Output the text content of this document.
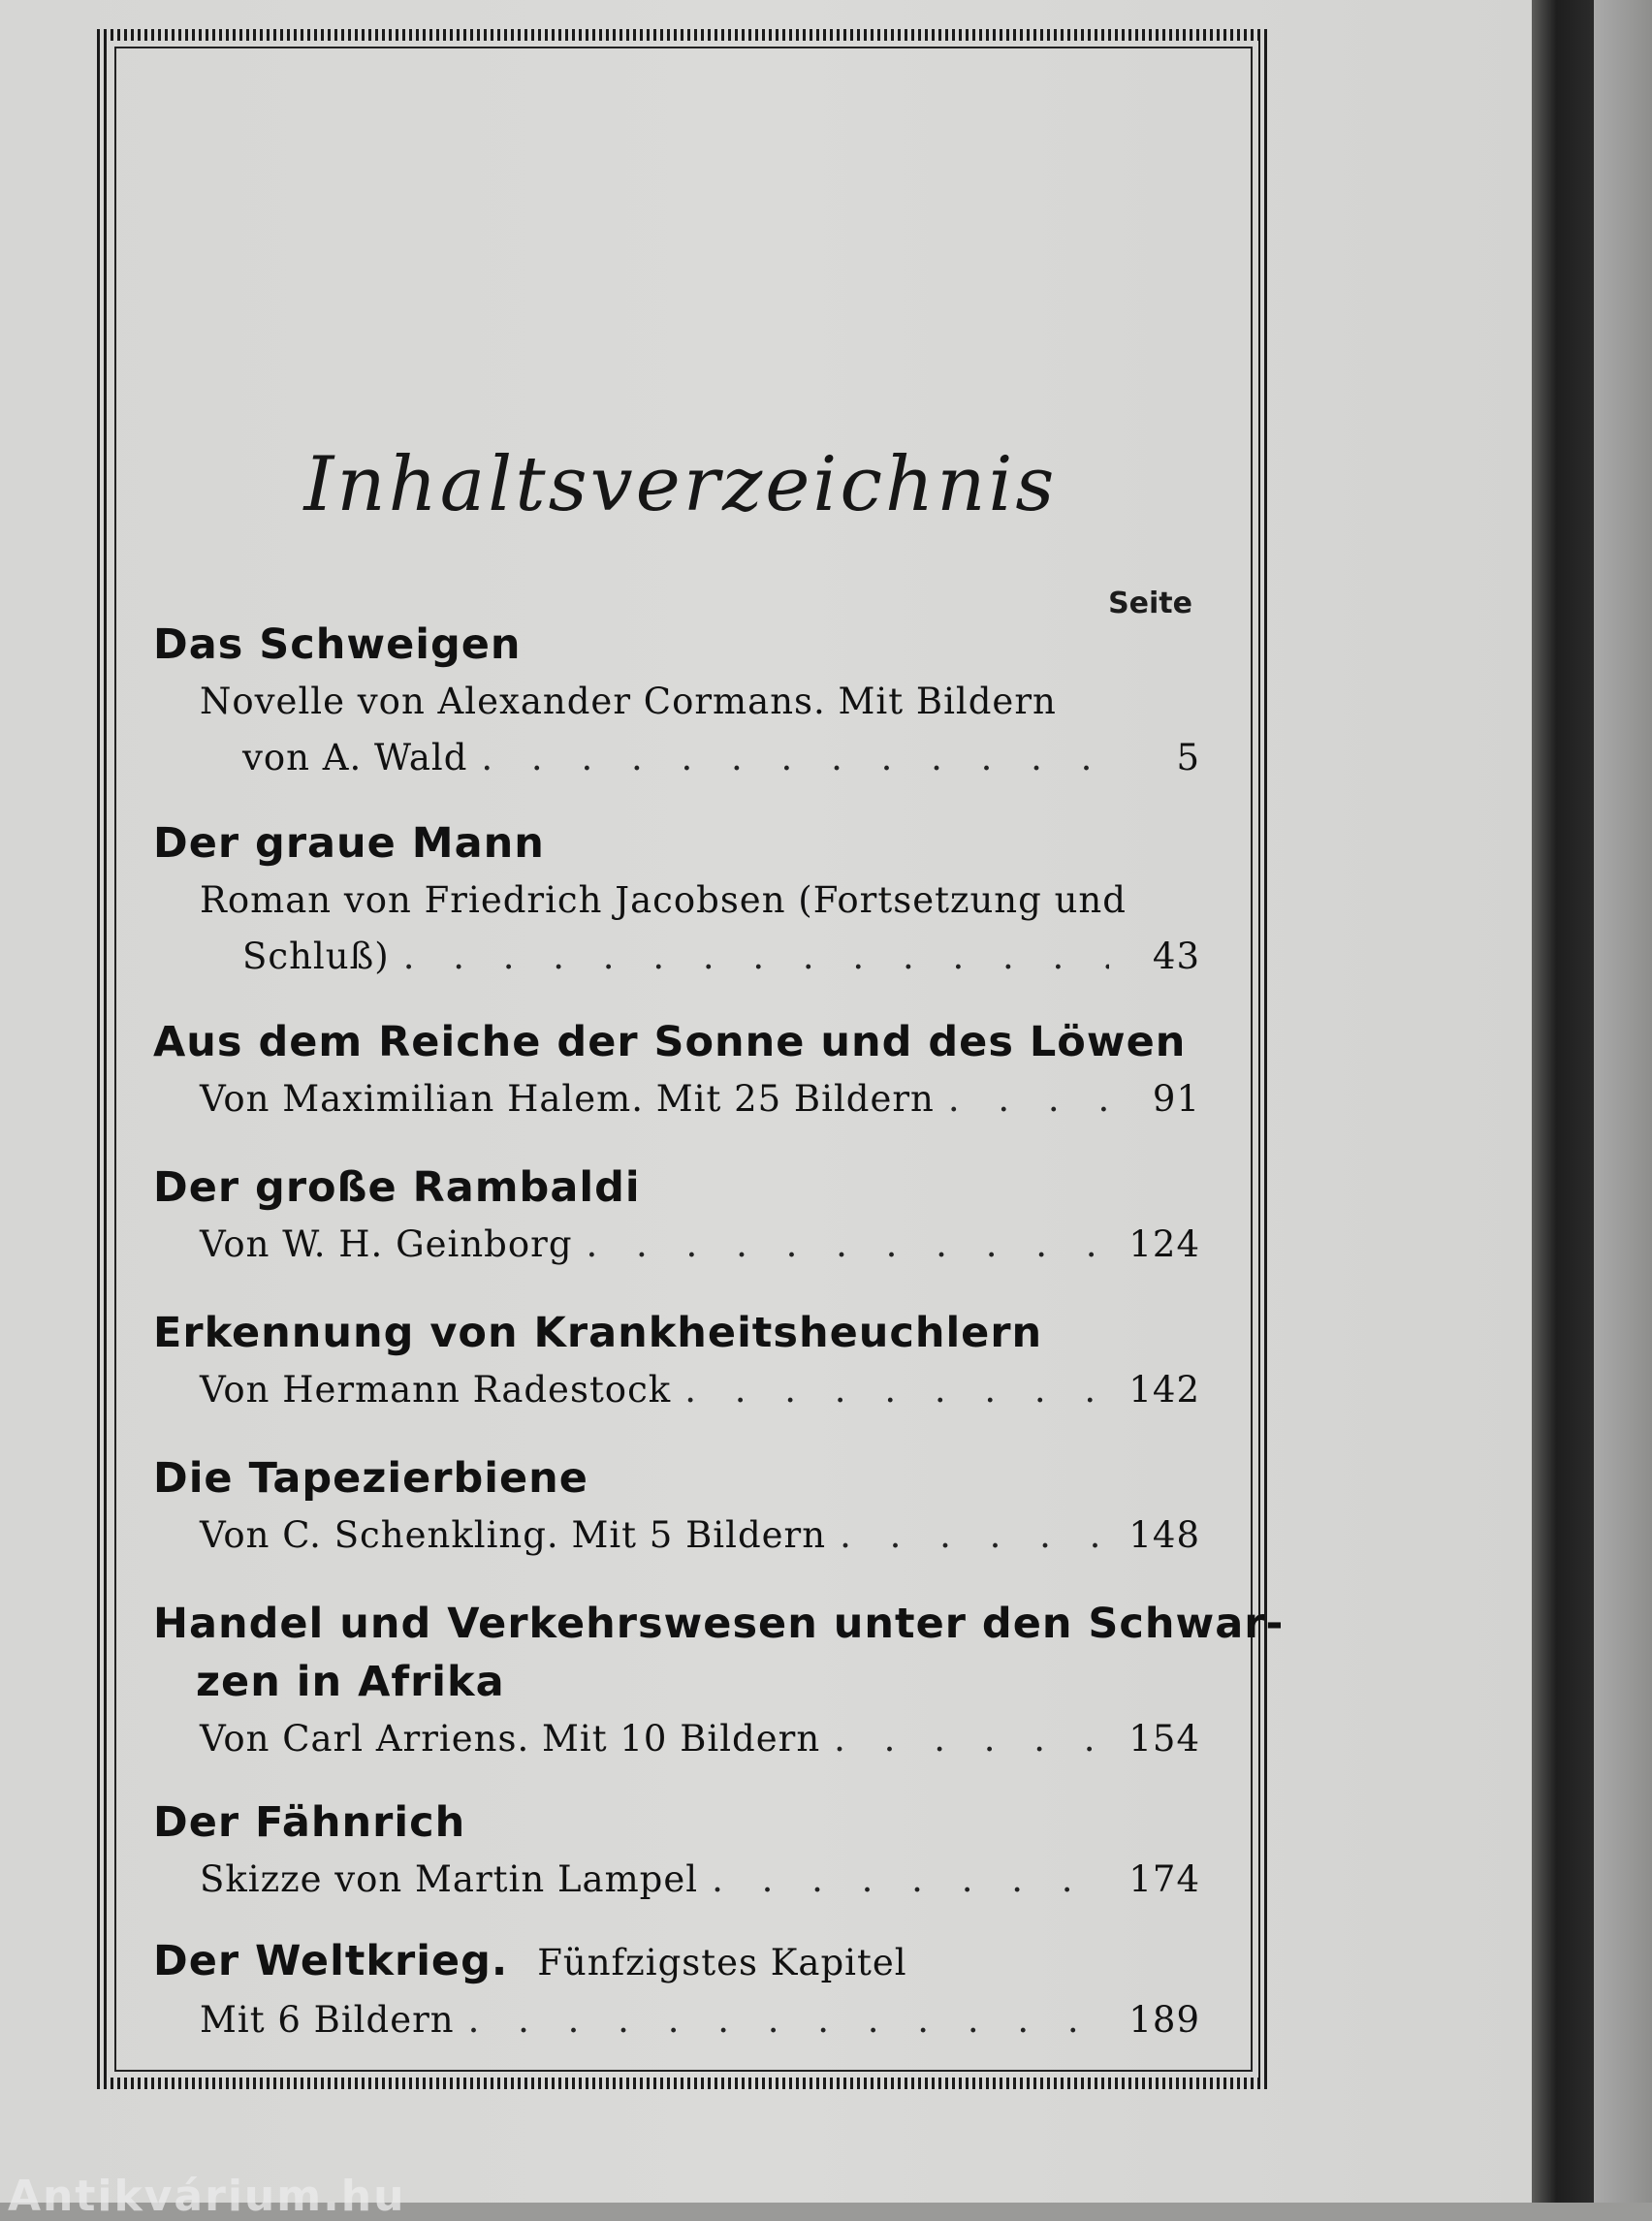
Inhaltsverzeichnis
Seite
Das Schweigen
Novelle von Alexander Cormans. Mit Bildern
von A. Wald . . .	5
Der graue Mann
Roman von Friedrich Jacobsen (Fortsetzung und
Schluß) . . .	43
Aus dem Reiche der Sonne und des Löwen
Von Maximilian Halem. Mit 25 Bildern . . .	91
Der große Rambaldi
Von W. H. Geinborg . . .	124
Erkennung von Krankheitsheuchlern
Von Hermann Radestock . . .	142
Die Tapezierbiene
Von C. Schenkling. Mit 5 Bildern . . .	148
Handel und Verkehrswesen unter den Schwar-
zen in Afrika
Von Carl Arriens. Mit 10 Bildern . . .	154
Der Fähnrich
Skizze von Martin Lampel . . .	174
Der Weltkrieg. Fünfzigstes Kapitel
Mit 6 Bildern . . .	189
Antikvárium.hu
